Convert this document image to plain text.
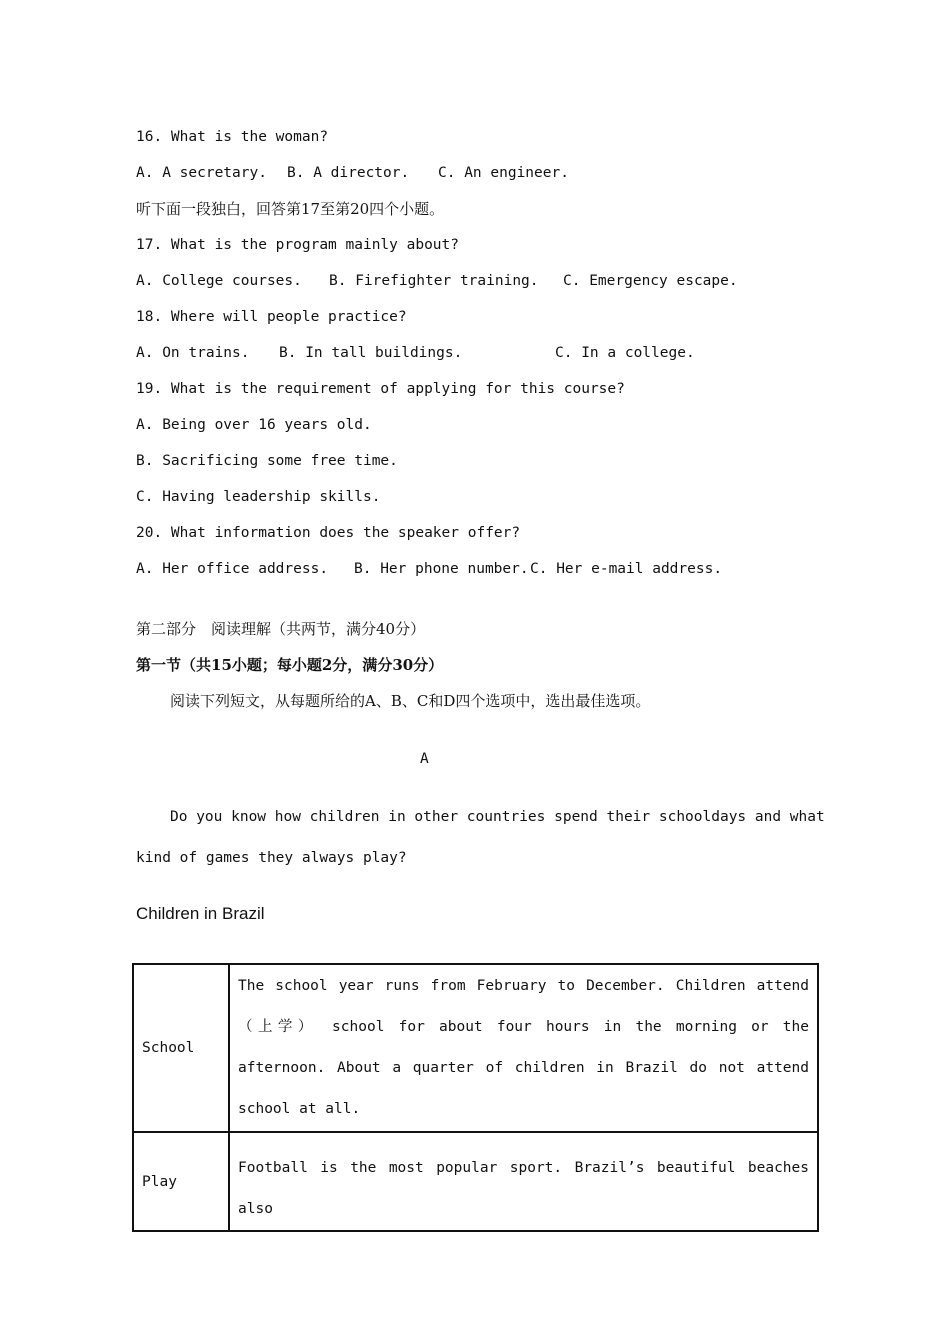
16. What is the woman?
A. A secretary. B. A director. C. An engineer.
听下面一段独白，回答第17至第20四个小题。
17. What is the program mainly about?
A. College courses. B. Firefighter training. C. Emergency escape.
18. Where will people practice?
A. On trains. B. In tall buildings.	C. In a college.
19. What is the requirement of applying for this course?
A. Being over 16 years old.
B. Sacrificing some free time.
C. Having leadership skills.
20. What information does the speaker offer?
A. Her office address. B. Her phone number. C. Her e-mail address.
第二部分　阅读理解（共两节，满分40分）
第一节（共15小题；每小题2分，满分30分）
阅读下列短文，从每题所给的A、B、C和D四个选项中，选出最佳选项。
A
Do you know how children in other countries spend their schooldays and what
kind of games they always play?
Children in Brazil
School	The school year runs from February to December. Children attend（上学） school for about four hours in the morning or the afternoon. About a quarter of children in Brazil do not attend school at all.
Play	Football is the most popular sport. Brazil’s beautiful beaches also
